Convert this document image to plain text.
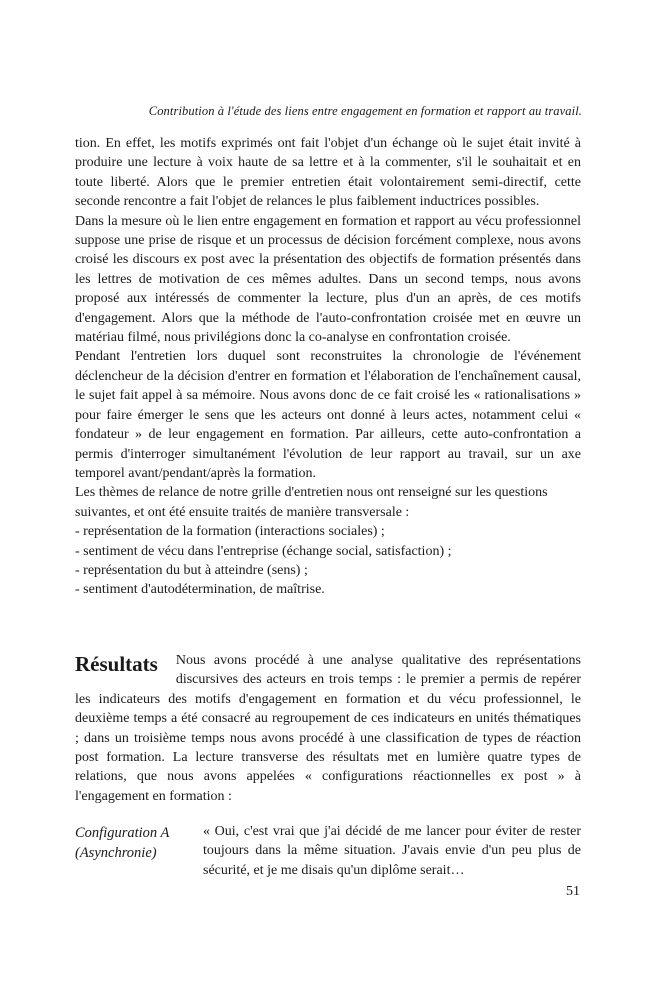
Contribution à l'étude des liens entre engagement en formation et rapport au travail.

tion. En effet, les motifs exprimés ont fait l'objet d'un échange où le sujet était invité à produire une lecture à voix haute de sa lettre et à la commenter, s'il le souhaitait et en toute liberté. Alors que le premier entretien était volontairement semi-directif, cette seconde rencontre a fait l'objet de relances le plus faiblement inductrices possibles.

Dans la mesure où le lien entre engagement en formation et rapport au vécu professionnel suppose une prise de risque et un processus de décision forcément complexe, nous avons croisé les discours ex post avec la présentation des objectifs de formation présentés dans les lettres de motivation de ces mêmes adultes. Dans un second temps, nous avons proposé aux intéressés de commenter la lecture, plus d'un an après, de ces motifs d'engagement. Alors que la méthode de l'auto-confrontation croisée met en œuvre un matériau filmé, nous privilégions donc la co-analyse en confrontation croisée.

Pendant l'entretien lors duquel sont reconstruites la chronologie de l'événement déclencheur de la décision d'entrer en formation et l'élaboration de l'enchaînement causal, le sujet fait appel à sa mémoire. Nous avons donc de ce fait croisé les « rationalisations » pour faire émerger le sens que les acteurs ont donné à leurs actes, notamment celui « fondateur » de leur engagement en formation. Par ailleurs, cette auto-confrontation a permis d'interroger simultanément l'évolution de leur rapport au travail, sur un axe temporel avant/pendant/après la formation.

Les thèmes de relance de notre grille d'entretien nous ont renseigné sur les questions suivantes, et ont été ensuite traités de manière transversale :

- représentation de la formation (interactions sociales) ;
- sentiment de vécu dans l'entreprise (échange social, satisfaction) ;
- représentation du but à atteindre (sens) ;
- sentiment d'autodétermination, de maîtrise.
Résultats	Nous avons procédé à une analyse qualitative des représentations discursives des acteurs en trois temps : le premier a permis de repérer les indicateurs des motifs d'engagement en formation et du vécu professionnel, le deuxième temps a été consacré au regroupement de ces indicateurs en unités thématiques ; dans un troisième temps nous avons procédé à une classification de types de réaction post formation. La lecture transverse des résultats met en lumière quatre types de relations, que nous avons appelées « configurations réactionnelles ex post » à l'engagement en formation :

Configuration A
(Asynchronie)

« Oui, c'est vrai que j'ai décidé de me lancer pour éviter de rester toujours dans la même situation. J'avais envie d'un peu plus de sécurité, et je me disais qu'un diplôme serait…

51
